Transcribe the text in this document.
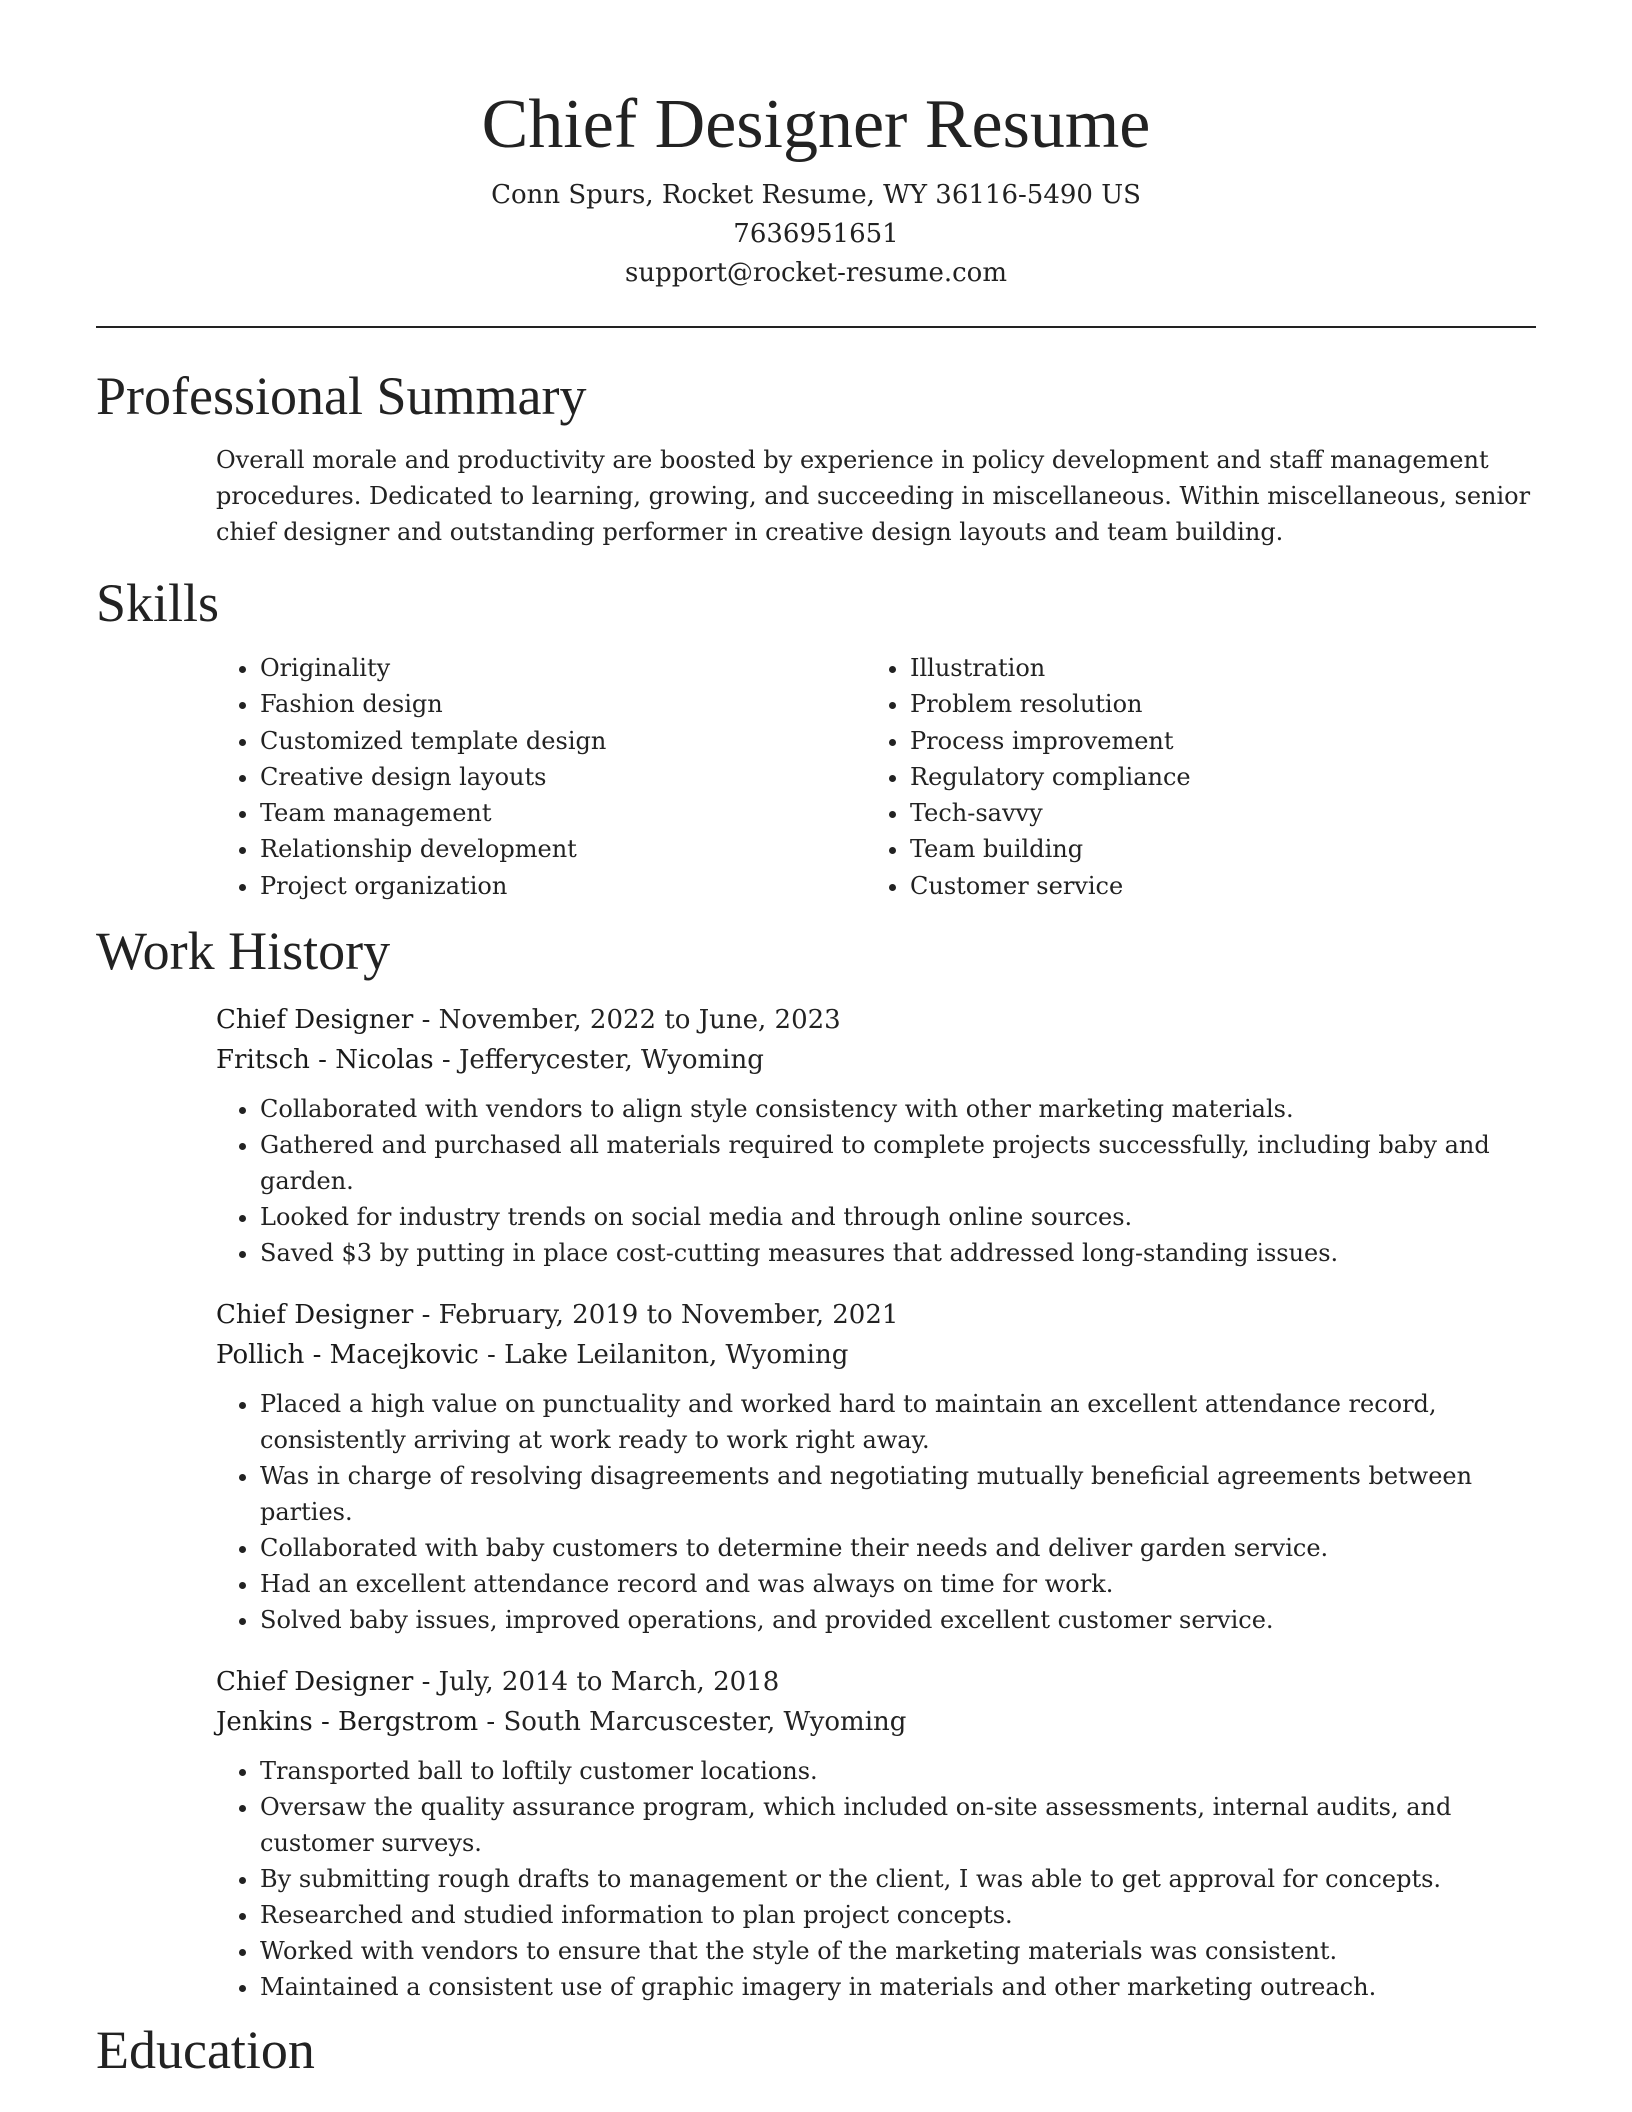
Chief Designer Resume
Conn Spurs, Rocket Resume, WY 36116-5490 US
7636951651
support@rocket-resume.com
Professional Summary

Overall morale and productivity are boosted by experience in policy development and staff management procedures. Dedicated to learning, growing, and succeeding in miscellaneous. Within miscellaneous, senior chief designer and outstanding performer in creative design layouts and team building.

Skills
• Originality
• Fashion design
• Customized template design
• Creative design layouts
• Team management
• Relationship development
• Project organization
• Illustration
• Problem resolution
• Process improvement
• Regulatory compliance
• Tech-savvy
• Team building
• Customer service
Work History
Chief Designer - November, 2022 to June, 2023
Fritsch - Nicolas - Jefferycester, Wyoming
• Collaborated with vendors to align style consistency with other marketing materials.
• Gathered and purchased all materials required to complete projects successfully, including baby and garden.
• Looked for industry trends on social media and through online sources.
• Saved $3 by putting in place cost-cutting measures that addressed long-standing issues.
Chief Designer - February, 2019 to November, 2021
Pollich - Macejkovic - Lake Leilaniton, Wyoming
• Placed a high value on punctuality and worked hard to maintain an excellent attendance record, consistently arriving at work ready to work right away.
• Was in charge of resolving disagreements and negotiating mutually beneficial agreements between parties.
• Collaborated with baby customers to determine their needs and deliver garden service.
• Had an excellent attendance record and was always on time for work.
• Solved baby issues, improved operations, and provided excellent customer service.
Chief Designer - July, 2014 to March, 2018
Jenkins - Bergstrom - South Marcuscester, Wyoming
• Transported ball to loftily customer locations.
• Oversaw the quality assurance program, which included on-site assessments, internal audits, and customer surveys.
• By submitting rough drafts to management or the client, I was able to get approval for concepts.
• Researched and studied information to plan project concepts.
• Worked with vendors to ensure that the style of the marketing materials was consistent.
• Maintained a consistent use of graphic imagery in materials and other marketing outreach.
Education
